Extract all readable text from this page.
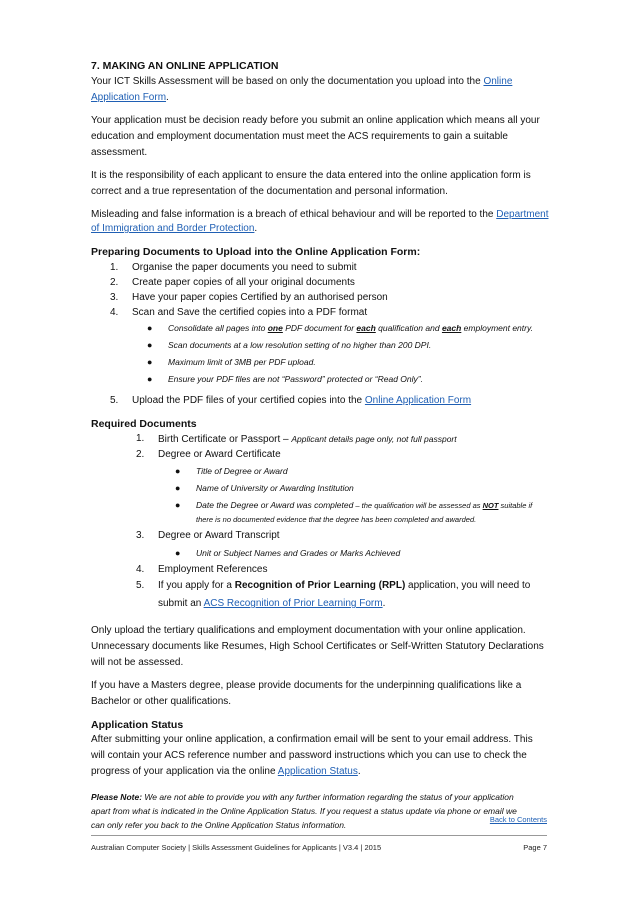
7. MAKING AN ONLINE APPLICATION
Your ICT Skills Assessment will be based on only the documentation you upload into the Online
Application Form.
Your application must be decision ready before you submit an online application which means all your
education and employment documentation must meet the ACS requirements to gain a suitable
assessment.
It is the responsibility of each applicant to ensure the data entered into the online application form is
correct and a true representation of the documentation and personal information.
Misleading and false information is a breach of ethical behaviour and will be reported to the Department
of Immigration and Border Protection.
Preparing Documents to Upload into the Online Application Form:
1. Organise the paper documents you need to submit
2. Create paper copies of all your original documents
3. Have your paper copies Certified by an authorised person
4. Scan and Save the certified copies into a PDF format
● Consolidate all pages into one PDF document for each qualification and each employment entry.
● Scan documents at a low resolution setting of no higher than 200 DPI.
● Maximum limit of 3MB per PDF upload.
● Ensure your PDF files are not “Password” protected or “Read Only”.
5. Upload the PDF files of your certified copies into the Online Application Form
Required Documents
1. Birth Certificate or Passport – Applicant details page only, not full passport
2. Degree or Award Certificate
● Title of Degree or Award
● Name of University or Awarding Institution
● Date the Degree or Award was completed – the qualification will be assessed as NOT suitable if
there is no documented evidence that the degree has been completed and awarded.
3. Degree or Award Transcript
● Unit or Subject Names and Grades or Marks Achieved
4. Employment References
5. If you apply for a Recognition of Prior Learning (RPL) application, you will need to
submit an ACS Recognition of Prior Learning Form.
Only upload the tertiary qualifications and employment documentation with your online application.
Unnecessary documents like Resumes, High School Certificates or Self-Written Statutory Declarations
will not be assessed.
If you have a Masters degree, please provide documents for the underpinning qualifications like a
Bachelor or other qualifications.
Application Status
After submitting your online application, a confirmation email will be sent to your email address. This
will contain your ACS reference number and password instructions which you can use to check the
progress of your application via the online Application Status.
Please Note: We are not able to provide you with any further information regarding the status of your application
apart from what is indicated in the Online Application Status. If you request a status update via phone or email we
can only refer you back to the Online Application Status information.
Back to Contents
Australian Computer Society | Skills Assessment Guidelines for Applicants | V3.4 | 2015	Page 7
